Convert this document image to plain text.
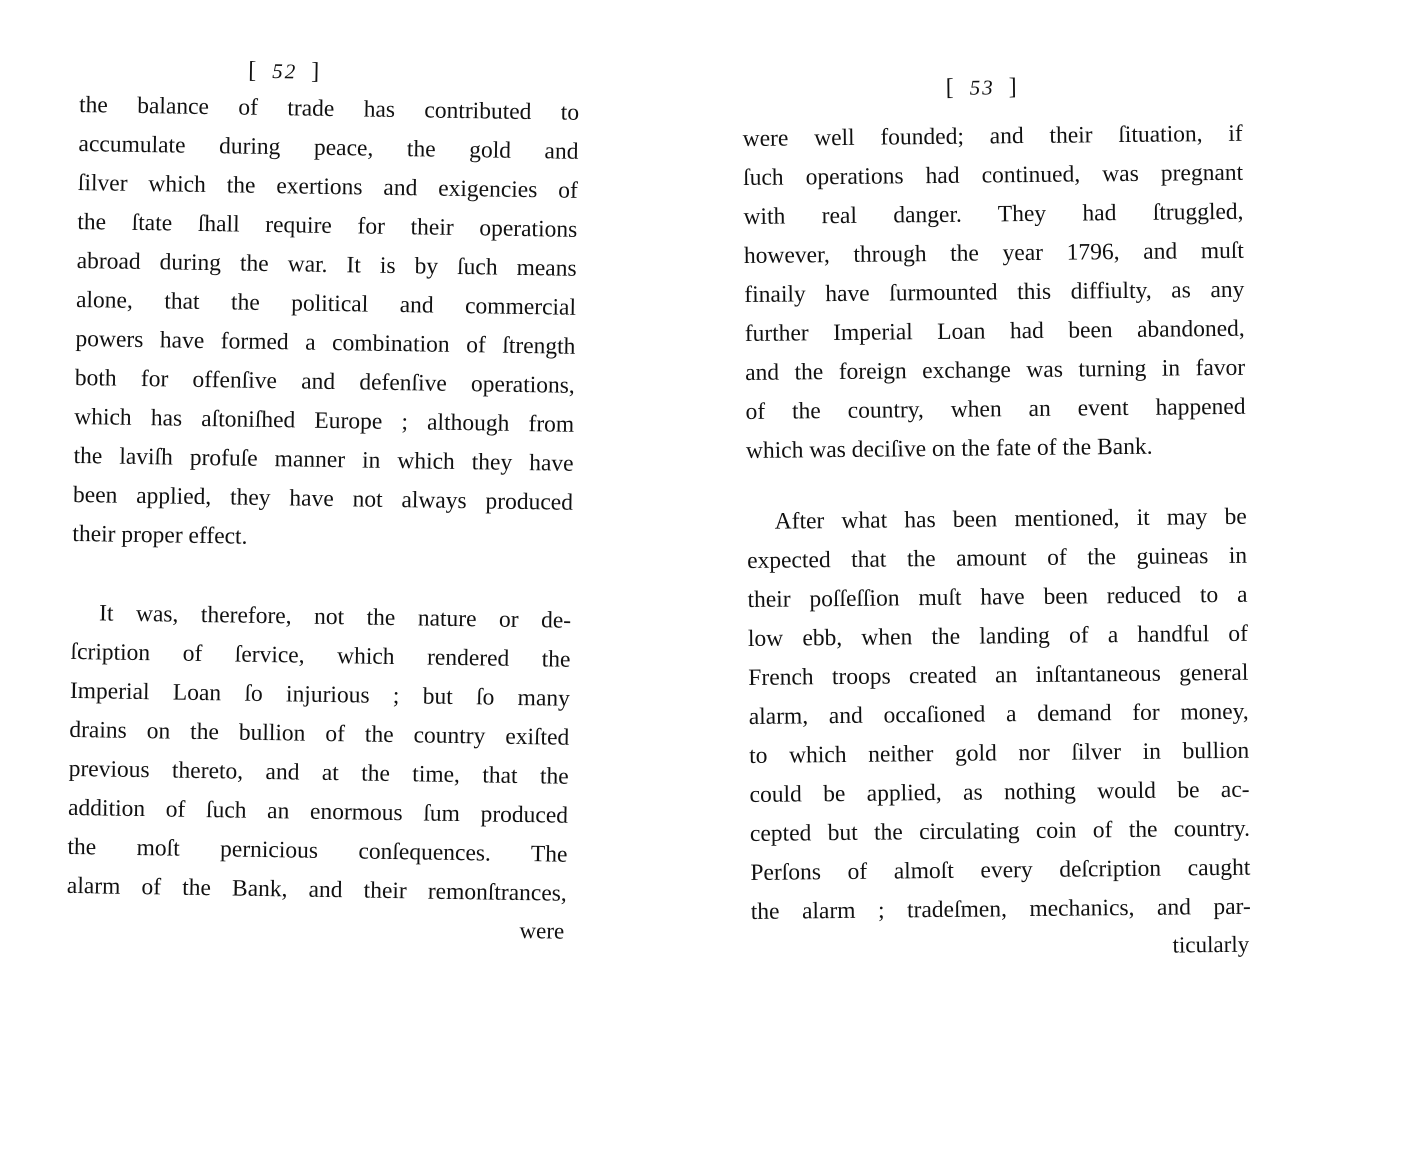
[ 52 ]
the balance of trade has contributed to
accumulate during peace, the gold and
ſilver which the exertions and exigencies of
the ſtate ſhall require for their operations
abroad during the war. It is by ſuch means
alone, that the political and commercial
powers have formed a combination of ſtrength
both for offenſive and defenſive operations,
which has aſtoniſhed Europe ; although from
the laviſh profuſe manner in which they have
been applied, they have not always produced
their proper effect.
It was, therefore, not the nature or de-
ſcription of ſervice, which rendered the
Imperial Loan ſo injurious ; but ſo many
drains on the bullion of the country exiſted
previous thereto, and at the time, that the
addition of ſuch an enormous ſum produced
the moſt pernicious conſequences. The
alarm of the Bank, and their remonſtrances,
were
[ 53 ]
were well founded; and their ſituation, if
ſuch operations had continued, was pregnant
with real danger. They had ſtruggled,
however, through the year 1796, and muſt
finaily have ſurmounted this diffiulty, as any
further Imperial Loan had been abandoned,
and the foreign exchange was turning in favor
of the country, when an event happened
which was deciſive on the fate of the Bank.
After what has been mentioned, it may be
expected that the amount of the guineas in
their poſſeſſion muſt have been reduced to a
low ebb, when the landing of a handful of
French troops created an inſtantaneous general
alarm, and occaſioned a demand for money,
to which neither gold nor ſilver in bullion
could be applied, as nothing would be ac-
cepted but the circulating coin of the country.
Perſons of almoſt every deſcription caught
the alarm ; tradeſmen, mechanics, and par-
ticularly
